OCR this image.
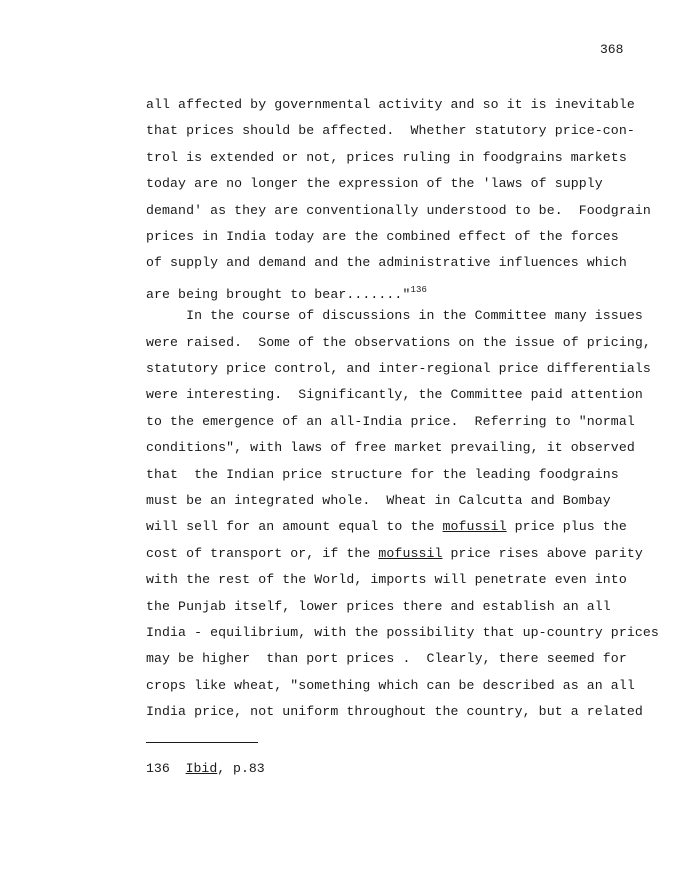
368
all affected by governmental activity and so it is inevitable
that prices should be affected.  Whether statutory price-con-
trol is extended or not, prices ruling in foodgrains markets
today are no longer the expression of the 'laws of supply
demand' as they are conventionally understood to be.  Foodgrain
prices in India today are the combined effect of the forces
of supply and demand and the administrative influences which
are being brought to bear......."$^{136}$
In the course of discussions in the Committee many issues
were raised.  Some of the observations on the issue of pricing,
statutory price control, and inter-regional price differentials
were interesting.  Significantly, the Committee paid attention
to the emergence of an all-India price.  Referring to "normal
conditions", with laws of free market prevailing, it observed
that  the Indian price structure for the leading foodgrains
must be an integrated whole.  Wheat in Calcutta and Bombay
will sell for an amount equal to the mofussil price plus the
cost of transport or, if the mofussil price rises above parity
with the rest of the World, imports will penetrate even into
the Punjab itself, lower prices there and establish an all
India - equilibrium, with the possibility that up-country prices
may be higher  than port prices .  Clearly, there seemed for
crops like wheat, "something which can be described as an all
India price, not uniform throughout the country, but a related
136 Ibid, p.83
